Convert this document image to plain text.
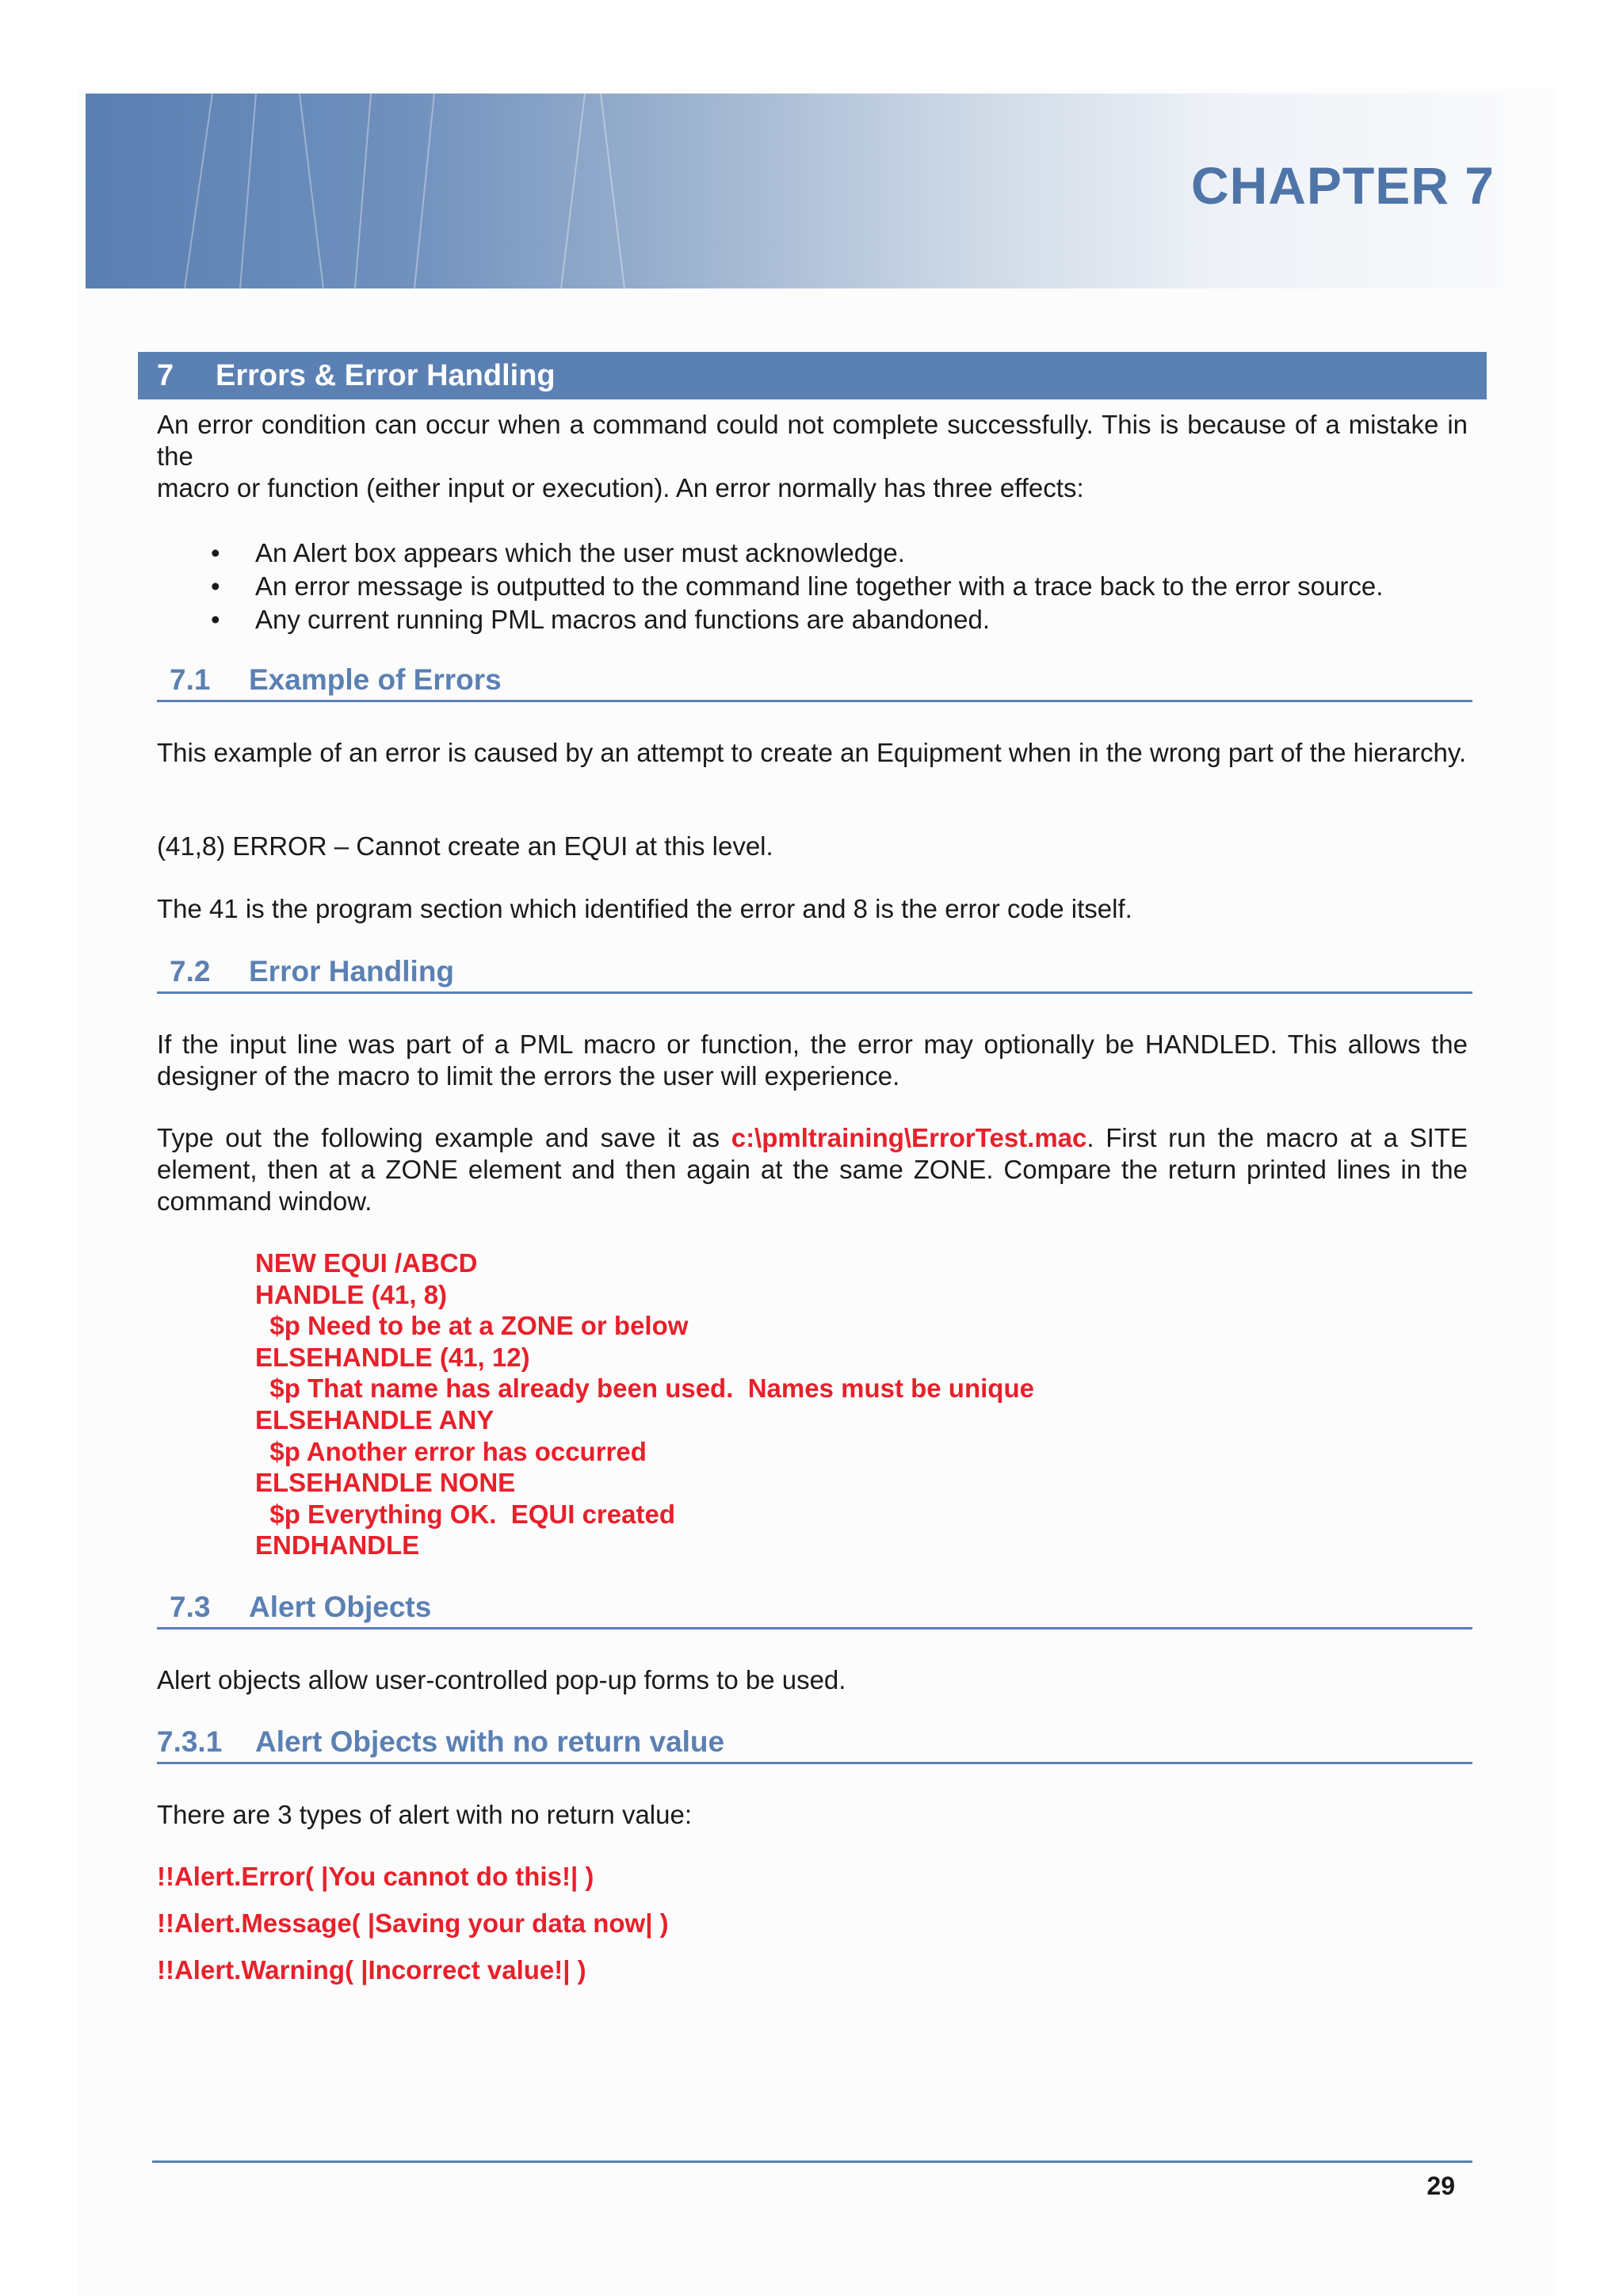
CHAPTER 7
7	Errors & Error Handling
An error condition can occur when a command could not complete successfully. This is because of a mistake in the
macro or function (either input or execution). An error normally has three effects:
• An Alert box appears which the user must acknowledge.
• An error message is outputted to the command line together with a trace back to the error source.
• Any current running PML macros and functions are abandoned.
7.1 Example of Errors
This example of an error is caused by an attempt to create an Equipment when in the wrong part of the hierarchy.
(41,8) ERROR – Cannot create an EQUI at this level.
The 41 is the program section which identified the error and 8 is the error code itself.
7.2 Error Handling
If the input line was part of a PML macro or function, the error may optionally be HANDLED. This allows the designer of the macro to limit the errors the user will experience.
Type out the following example and save it as c:\pmltraining\ErrorTest.mac. First run the macro at a SITE element, then at a ZONE element and then again at the same ZONE. Compare the return printed lines in the command window.
NEW EQUI /ABCD
HANDLE (41, 8)
$p Need to be at a ZONE or below
ELSEHANDLE (41, 12)
$p That name has already been used.  Names must be unique
ELSEHANDLE ANY
$p Another error has occurred
ELSEHANDLE NONE
$p Everything OK.  EQUI created
ENDHANDLE
7.3 Alert Objects
Alert objects allow user-controlled pop-up forms to be used.
7.3.1 Alert Objects with no return value
There are 3 types of alert with no return value:
!!Alert.Error( |You cannot do this!| )
!!Alert.Message( |Saving your data now| )
!!Alert.Warning( |Incorrect value!| )
29
